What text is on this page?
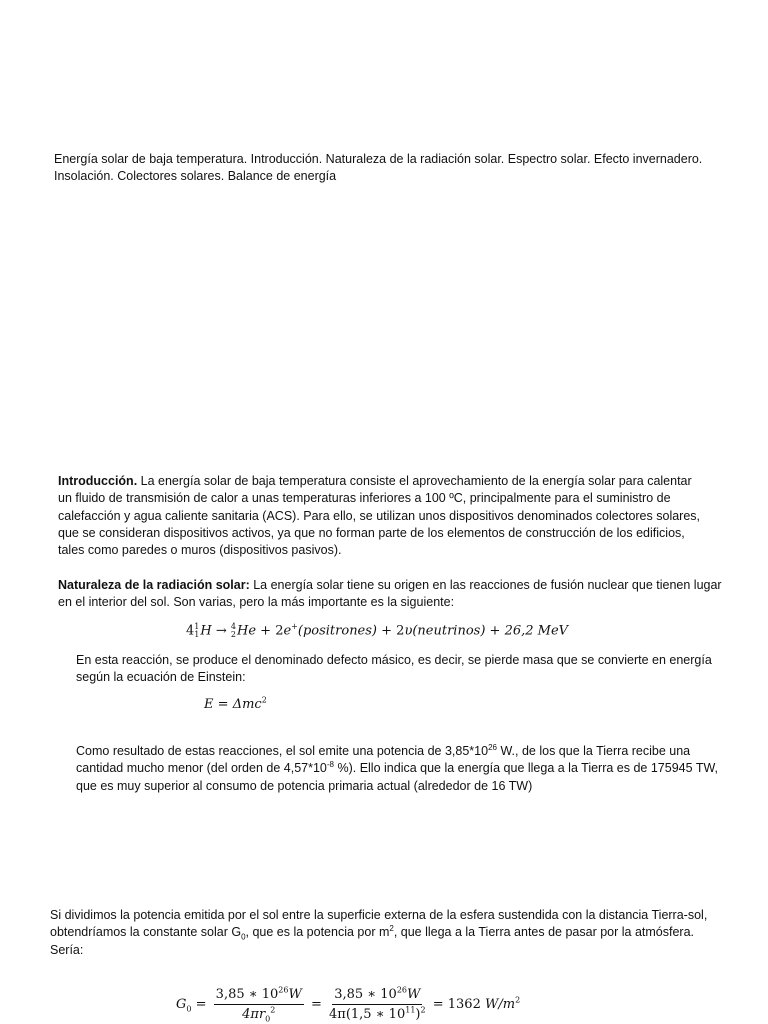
Energía solar de baja temperatura. Introducción. Naturaleza de la radiación solar. Espectro solar. Efecto invernadero.
Insolación. Colectores solares. Balance de energía
Introducción. La energía solar de baja temperatura consiste el aprovechamiento de la energía solar para calentar
un fluido de transmisión de calor a unas temperaturas inferiores a 100 ºC, principalmente para el suministro de
calefacción y agua caliente sanitaria (ACS). Para ello, se utilizan unos dispositivos denominados colectores solares,
que se consideran dispositivos activos, ya que no forman parte de los elementos de construcción de los edificios,
tales como paredes o muros (dispositivos pasivos).
Naturaleza de la radiación solar: La energía solar tiene su origen en las reacciones de fusión nuclear que tienen lugar
en el interior del sol. Son varias, pero la más importante es la siguiente:
4 1
1 H → 4
2 He + 2e+(positrones) + 2υ(neutrinos) + 26,2 MeV
En esta reacción, se produce el denominado defecto másico, es decir, se pierde masa que se convierte en energía
según la ecuación de Einstein:
E = Δmc$^2$
Como resultado de estas reacciones, el sol emite una potencia de $3,85*10^{26}$ W., de los que la Tierra recibe una
cantidad mucho menor (del orden de $4,57*10^{-8}$ %). Ello indica que la energía que llega a la Tierra es de 175945 TW,
que es muy superior al consumo de potencia primaria actual (alrededor de 16 TW)
Si dividimos la potencia emitida por el sol entre la superficie externa de la esfera sustendida con la distancia Tierra-sol,
obtendríamos la constante solar $G_0$, que es la potencia por $m^2$, que llega a la Tierra antes de pasar por la atmósfera.
Sería:
$G_0 = \frac{3,85 ∗ 10^{26}W}{4\pi r_0^2} = \frac{3,85 ∗ 10^{26}W}{4\pi(1,5 ∗ 10^{11})^2} = 1362$ $W/m^2$
